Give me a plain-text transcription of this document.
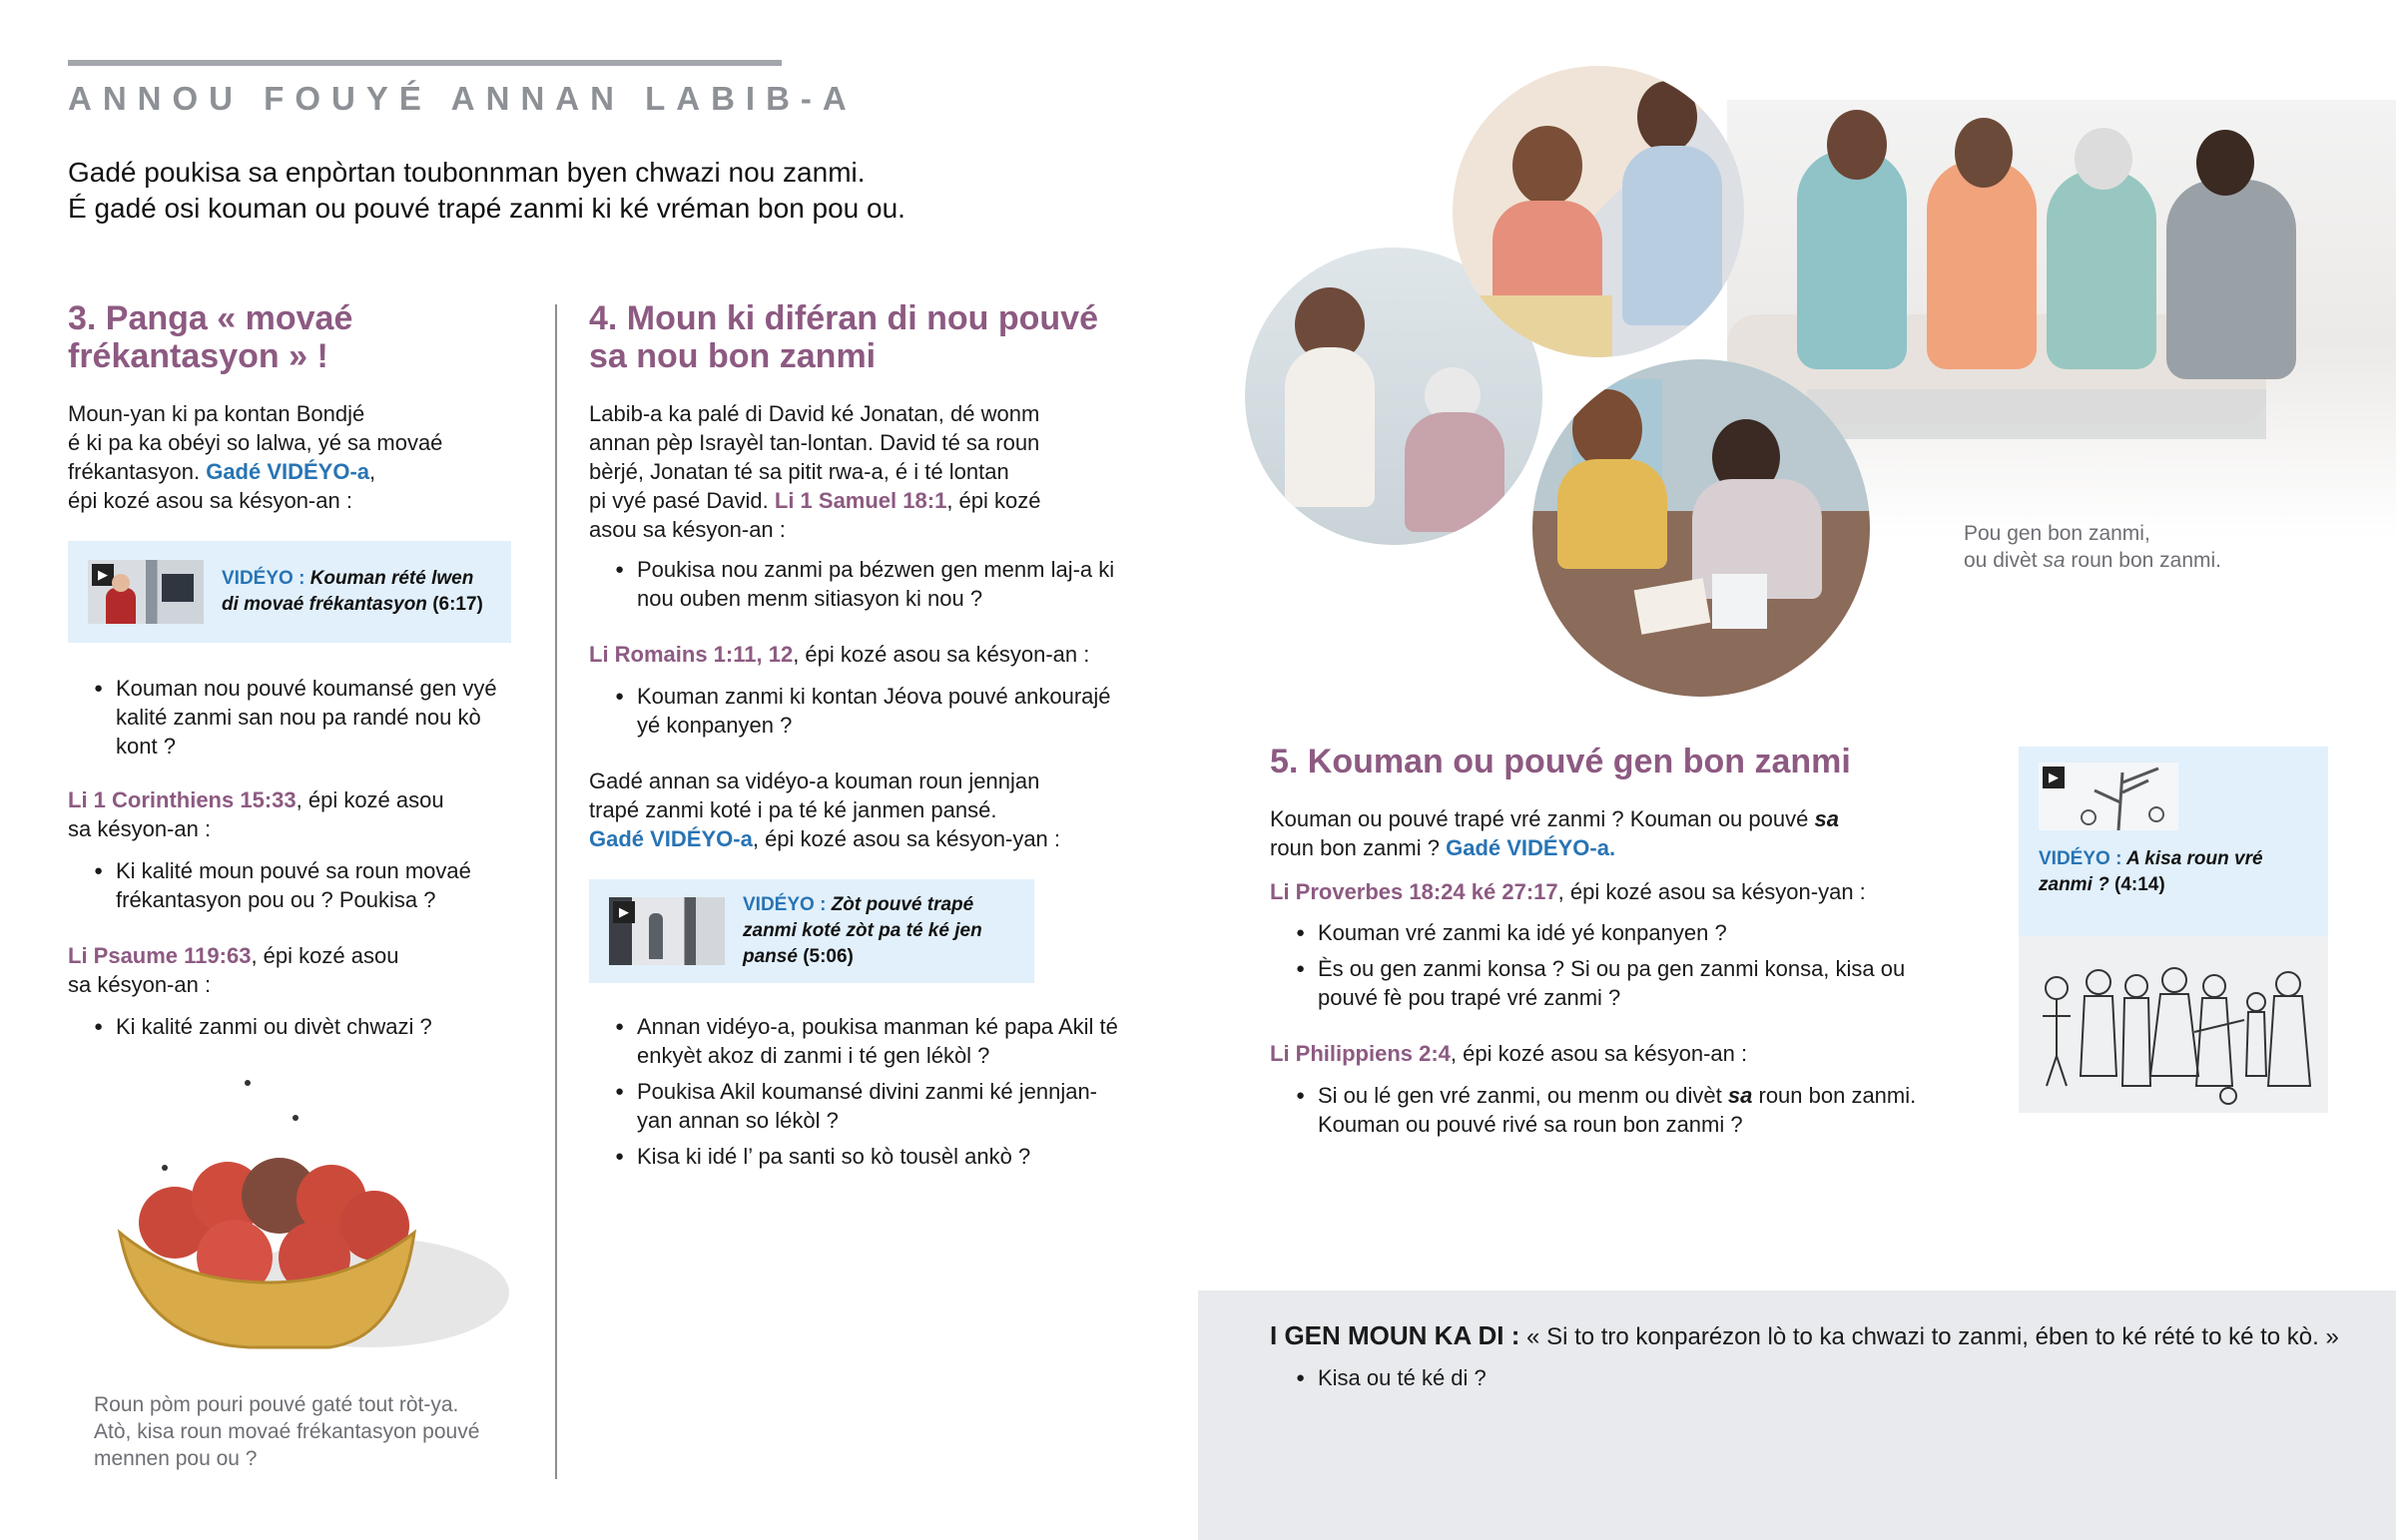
ANNOU FOUYÉ ANNAN LABIB-A
Gadé poukisa sa enpòrtan toubonnman byen chwazi nou zanmi.
É gadé osi kouman ou pouvé trapé zanmi ki ké vréman bon pou ou.
3. Panga « movaé
frékantasyon » !
Moun-yan ki pa kontan Bondjé
é ki pa ka obéyi so lalwa, yé sa movaé
frékantasyon. Gadé VIDÉYO-a,
épi kozé asou sa késyon-an :
▶	VIDÉYO : Kouman rété lwen di movaé frékantasyon (6:17)
● Kouman nou pouvé koumansé gen vyé kalité zanmi san nou pa randé nou kò kont ?
Li 1 Corinthiens 15:33, épi kozé asou
sa késyon-an :
● Ki kalité moun pouvé sa roun movaé frékantasyon pou ou ? Poukisa ?
Li Psaume 119:63, épi kozé asou
sa késyon-an :
● Ki kalité zanmi ou divèt chwazi ?
Roun pòm pouri pouvé gaté tout ròt-ya.
Atò, kisa roun movaé frékantasyon pouvé
mennen pou ou ?
4. Moun ki diféran di nou pouvé
sa nou bon zanmi
Labib-a ka palé di David ké Jonatan, dé wonm
annan pèp Israyèl tan-lontan. David té sa roun
bèrjé, Jonatan té sa pitit rwa-a, é i té lontan
pi vyé pasé David. Li 1 Samuel 18:1, épi kozé
asou sa késyon-an :
● Poukisa nou zanmi pa bézwen gen menm laj-a ki nou ouben menm sitiasyon ki nou ?
Li Romains 1:11, 12, épi kozé asou sa késyon-an :
● Kouman zanmi ki kontan Jéova pouvé ankourajé yé konpanyen ?
Gadé annan sa vidéyo-a kouman roun jennjan
trapé zanmi koté i pa té ké janmen pansé.
Gadé VIDÉYO-a, épi kozé asou sa késyon-yan :
▶	VIDÉYO : Zòt pouvé trapé zanmi koté zòt pa té ké jen pansé (5:06)
● Annan vidéyo-a, poukisa manman ké papa Akil té enkyèt akoz di zanmi i té gen lékòl ?
● Poukisa Akil koumansé divini zanmi ké jennjan-yan annan so lékòl ?
● Kisa ki idé l’ pa santi so kò tousèl ankò ?
Pou gen bon zanmi,
ou divèt sa roun bon zanmi.
5. Kouman ou pouvé gen bon zanmi
Kouman ou pouvé trapé vré zanmi ? Kouman ou pouvé sa
roun bon zanmi ? Gadé VIDÉYO-a.
Li Proverbes 18:24 ké 27:17, épi kozé asou sa késyon-yan :
● Kouman vré zanmi ka idé yé konpanyen ?
● Ès ou gen zanmi konsa ? Si ou pa gen zanmi konsa, kisa ou pouvé fè pou trapé vré zanmi ?
Li Philippiens 2:4, épi kozé asou sa késyon-an :
● Si ou lé gen vré zanmi, ou menm ou divèt sa roun bon zanmi.
Kouman ou pouvé rivé sa roun bon zanmi ?
▶
VIDÉYO : A kisa roun vré zanmi ? (4:14)
I GEN MOUN KA DI : « Si to tro konparézon lò to ka chwazi to zanmi, ében to ké rété to ké to kò. »
● Kisa ou té ké di ?
